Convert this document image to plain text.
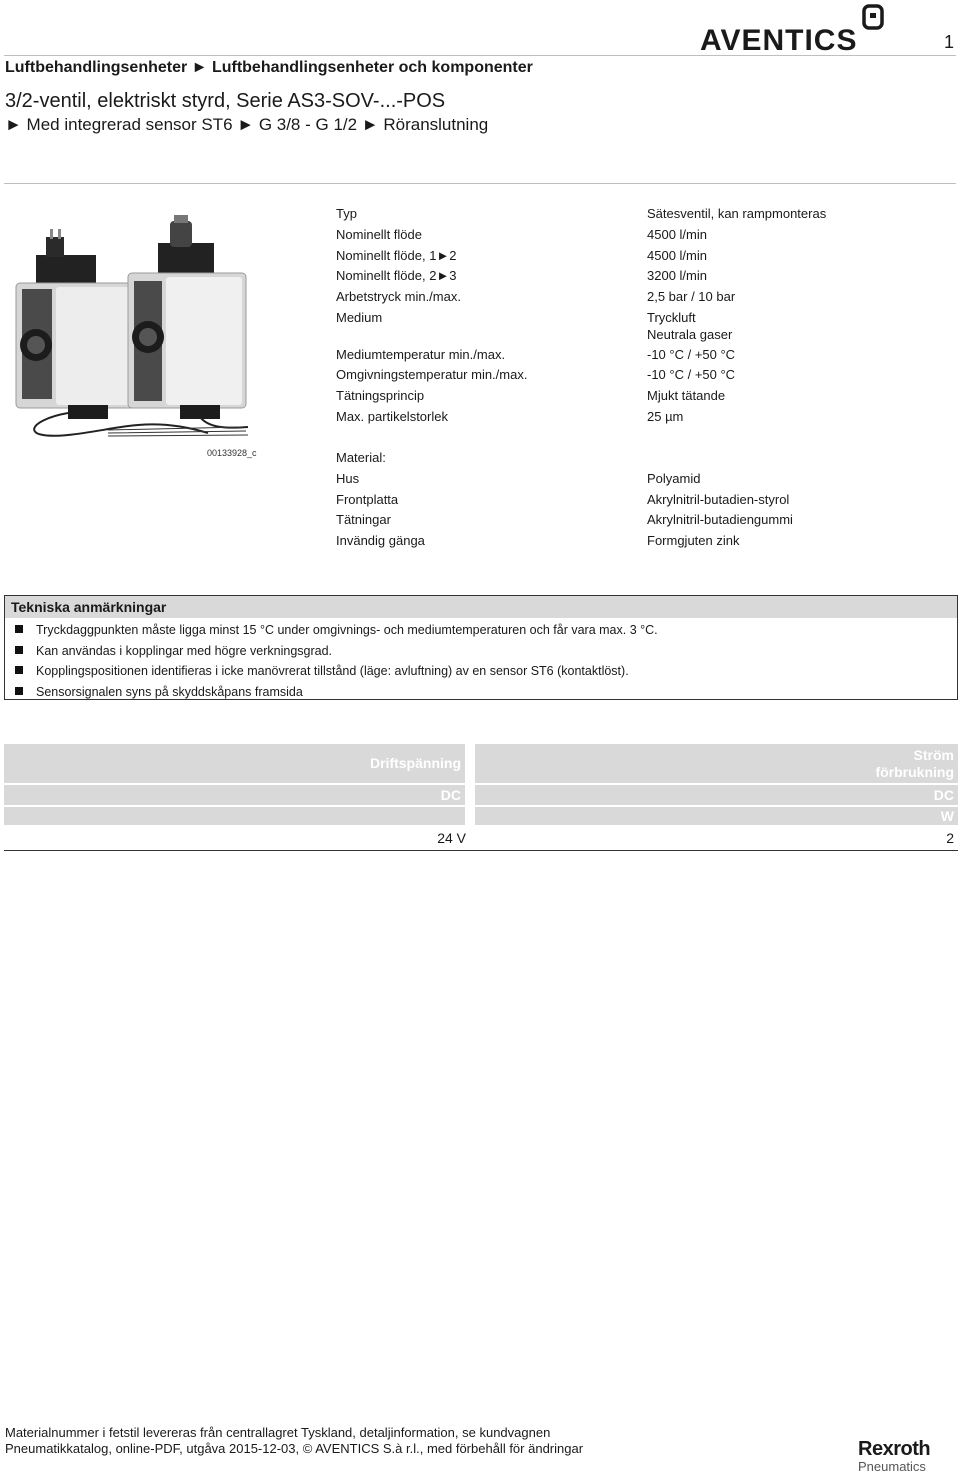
1
AVENTICS
Luftbehandlingsenheter ► Luftbehandlingsenheter och komponenter
3/2-ventil, elektriskt styrd, Serie AS3-SOV-...-POS
► Med integrerad sensor ST6 ► G 3/8 - G 1/2 ► Röranslutning
00133928_c
Typ	Sätesventil, kan rampmonteras
Nominellt flöde	4500 l/min
Nominellt flöde, 1►2	4500 l/min
Nominellt flöde, 2►3	3200 l/min
Arbetstryck min./max.	2,5 bar / 10 bar
Medium	Tryckluft
Neutrala gaser
Mediumtemperatur min./max.	-10 °C / +50 °C
Omgivningstemperatur min./max.	-10 °C / +50 °C
Tätningsprincip	Mjukt tätande
Max. partikelstorlek	25 µm
Material:
Hus	Polyamid
Frontplatta	Akrylnitril-butadien-styrol
Tätningar	Akrylnitril-butadiengummi
Invändig gänga	Formgjuten zink
Tekniska anmärkningar
Tryckdaggpunkten måste ligga minst 15 °C under omgivnings- och mediumtemperaturen och får vara max. 3 °C.
Kan användas i kopplingar med högre verkningsgrad.
Kopplingspositionen identifieras i icke manövrerat tillstånd (läge: avluftning) av en sensor ST6 (kontaktlöst).
Sensorsignalen syns på skyddskåpans framsida
Driftspänning	Ström
förbrukning
DC	DC
	W
24 V	2
Materialnummer i fetstil levereras från centrallagret Tyskland, detaljinformation, se kundvagnen
Pneumatikkatalog, online-PDF, utgåva 2015-12-03, © AVENTICS S.à r.l., med förbehåll för ändringar	Rexroth
Pneumatics
